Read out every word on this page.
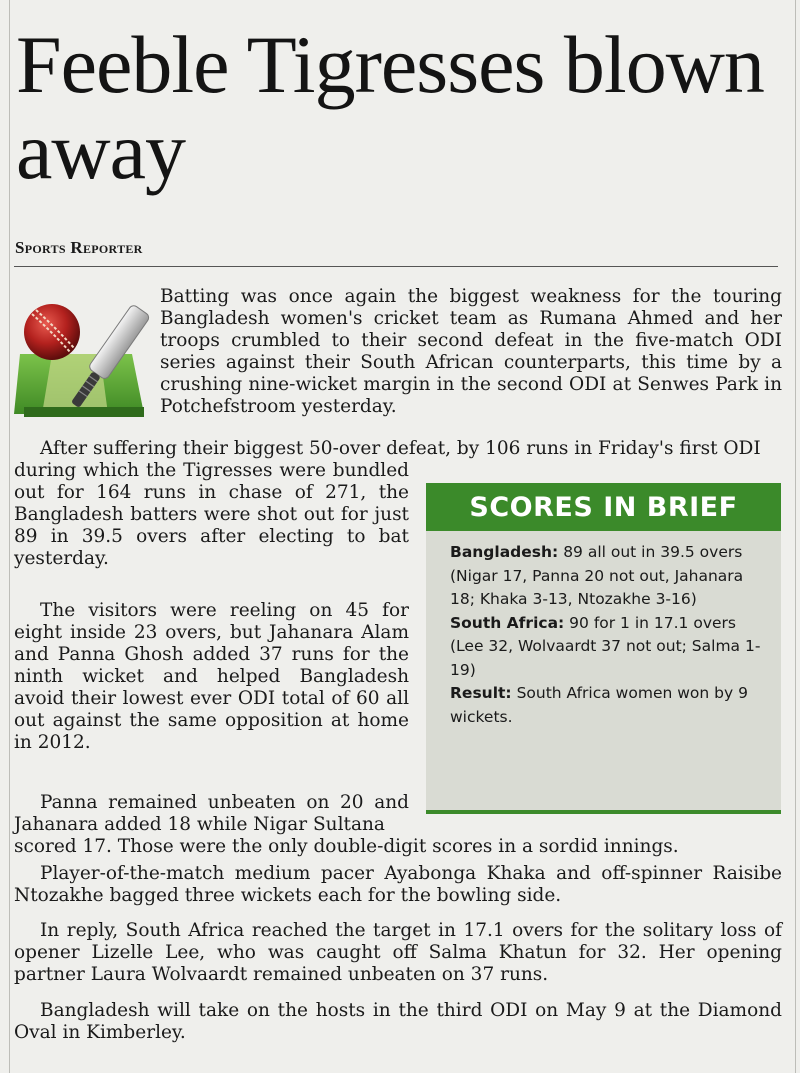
Feeble Tigresses blown away
Sports Reporter

Batting was once again the biggest weakness for the touring Bangladesh women's cricket team as Rumana Ahmed and her troops crumbled to their second defeat in the five-match ODI series against their South African counterparts, this time by a crushing nine-wicket margin in the second ODI at Senwes Park in Potchefstroom yesterday.

After suffering their biggest 50-over defeat, by 106 runs in Friday's first ODI

during which the Tigresses were bundled out for 164 runs in chase of 271, the Bangladesh batters were shot out for just 89 in 39.5 overs after electing to bat yesterday.

The visitors were reeling on 45 for eight inside 23 overs, but Jahanara Alam and Panna Ghosh added 37 runs for the ninth wicket and helped Bangladesh avoid their lowest ever ODI total of 60 all out against the same opposition at home in 2012.

Panna remained unbeaten on 20 and Jahanara added 18 while Nigar Sultana

scored 17. Those were the only double-digit scores in a sordid innings.

Player-of-the-match medium pacer Ayabonga Khaka and off-spinner Raisibe Ntozakhe bagged three wickets each for the bowling side.

In reply, South Africa reached the target in 17.1 overs for the solitary loss of opener Lizelle Lee, who was caught off Salma Khatun for 32. Her opening partner Laura Wolvaardt remained unbeaten on 37 runs.

Bangladesh will take on the hosts in the third ODI on May 9 at the Diamond Oval in Kimberley.

SCORES IN BRIEF

Bangladesh: 89 all out in 39.5 overs (Nigar 17, Panna 20 not out, Jahanara 18; Khaka 3-13, Ntozakhe 3-16)

South Africa: 90 for 1 in 17.1 overs (Lee 32, Wolvaardt 37 not out; Salma 1-19)

Result: South Africa women won by 9 wickets.
